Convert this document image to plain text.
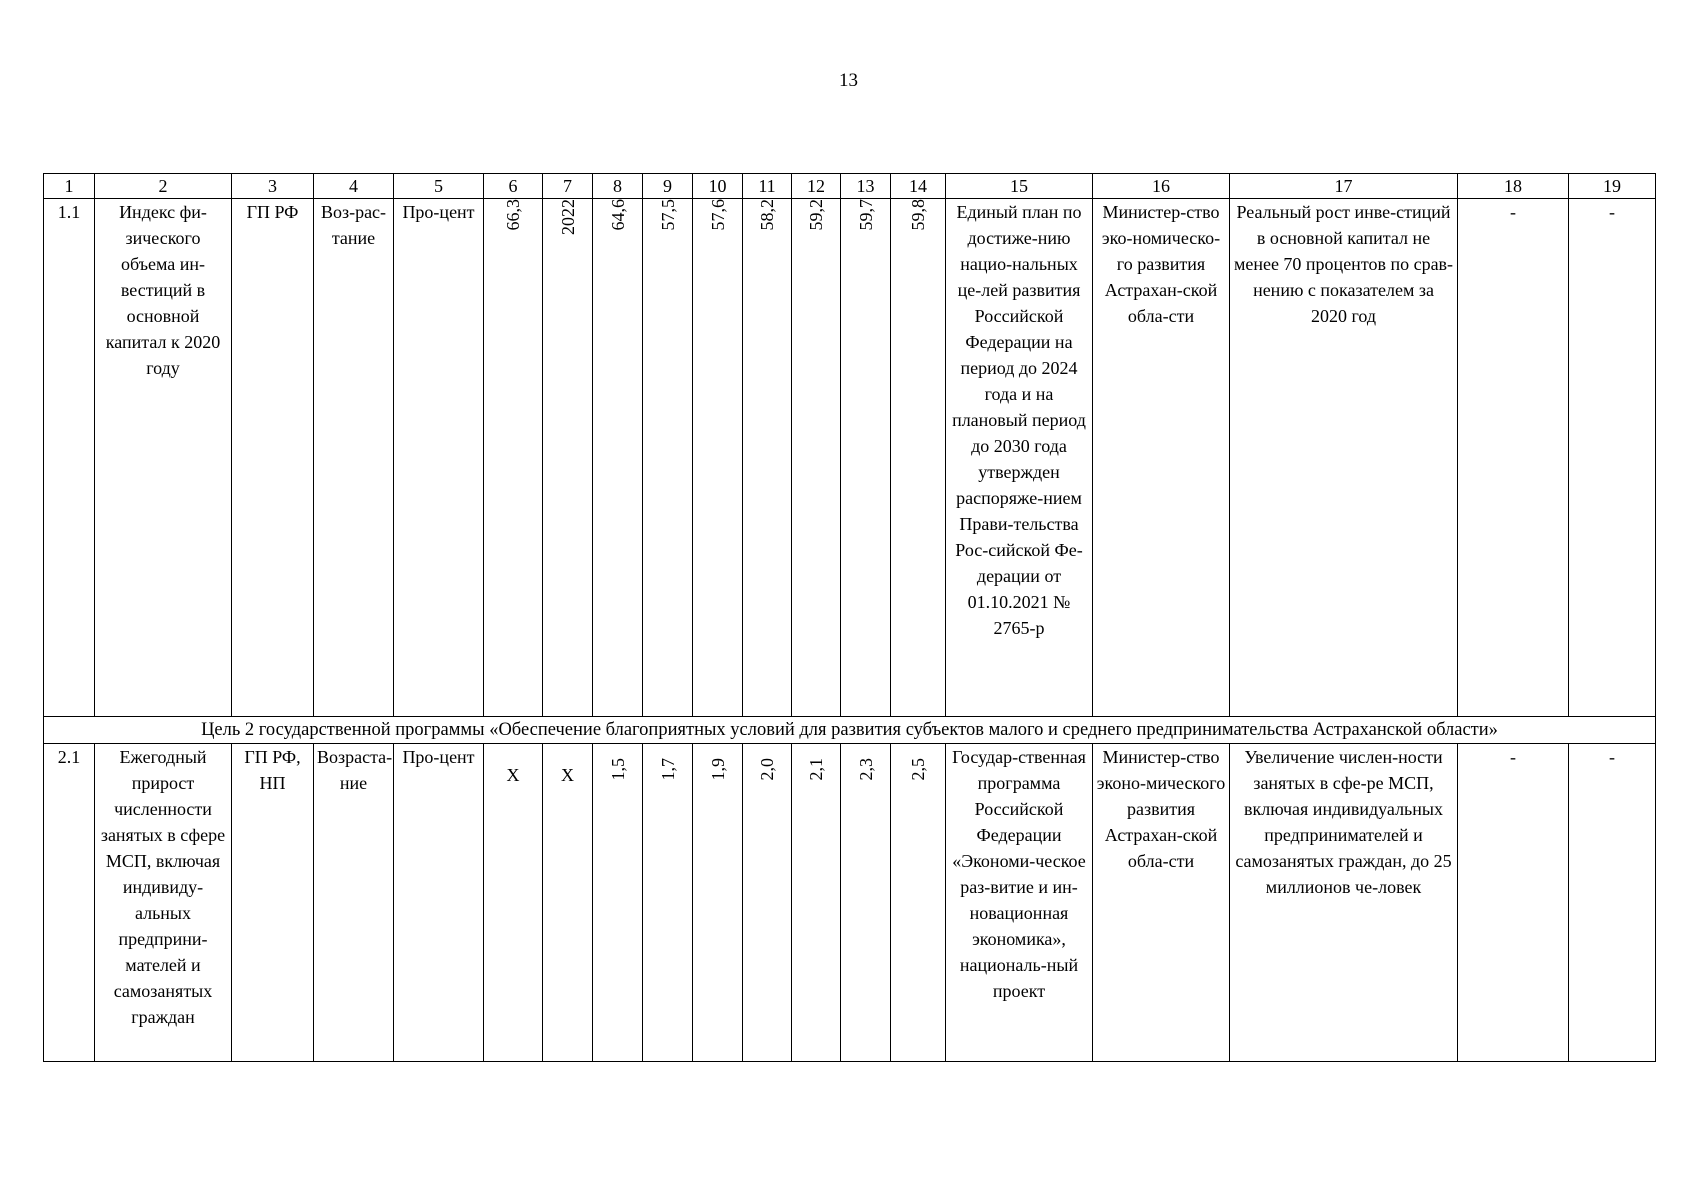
13
1	2	3	4	5	6	7	8	9	10	11	12	13	14	15	16	17	18	19
1.1	Индекс фи-зического объема ин-вестиций в основной капитал к 2020 году	ГП РФ	Воз-рас-тание	Про-цент	66,3	2022	64,6	57,5	57,6	58,2	59,2	59,7	59,8	Единый план по достиже-нию нацио-нальных це-лей развития Российской Федерации на период до 2024 года и на плановый период до 2030 года утвержден распоряже-нием Прави-тельства Рос-сийской Фе-дерации от 01.10.2021 № 2765-р	Министер-ство эко-номическо-го развития Астрахан-ской обла-сти	Реальный рост инве-стиций в основной капитал не менее 70 процентов по срав-нению с показателем за 2020 год	-	-
Цель 2 государственной программы «Обеспечение благоприятных условий для развития субъектов малого и среднего предпринимательства Астраханской области»																		
2.1	Ежегодный прирост численности занятых в сфере МСП, включая индивиду-альных предприни-мателей и самозанятых граждан	ГП РФ, НП	Возраста-ние	Про-цент	Х	Х	1,5	1,7	1,9	2,0	2,1	2,3	2,5	Государ-ственная программа Российской Федерации «Экономи-ческое раз-витие и ин-новационная экономика», националь-ный проект	Министер-ство эконо-мического развития Астрахан-ской обла-сти	Увеличение числен-ности занятых в сфе-ре МСП, включая индивидуальных предпринимателей и самозанятых граждан, до 25 миллионов че-ловек	-	-
